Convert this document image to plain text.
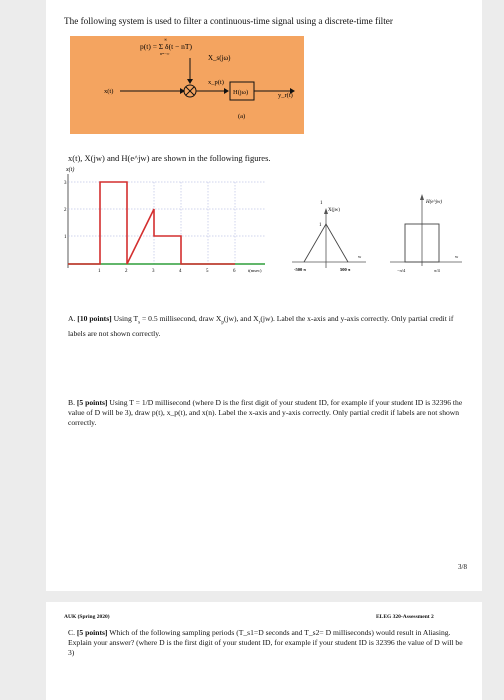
The following system is used to filter a continuous-time signal using a discrete-time filter
p(t) = Σ δ(t − nT)
∞
n=−∞
X_s(jω)
x(t)
x_p(t)
H(jω)	y_r(t)
(a)
x(t), X(jw) and H(e^jw) are shown in the following figures.
x(t)
3
2
1
1	2	3	4	5	6	t(msec)
X(jw)
1
1
w
-500 π	500 π
H(e^jw)
w
−π/4	π/4
A. [10 points] Using $T_s = 0.5$ millisecond, draw $X_p(jw)$, and $X_r(jw)$. Label the x-axis and y-axis correctly. Only partial credit if labels are not shown correctly.
B. [5 points] Using T = 1/D millisecond (where D is the first digit of your student ID, for example if your student ID is 32396 the value of D will be 3), draw p(t), x_p(t), and x(n). Label the x-axis and y-axis correctly. Only partial credit if labels are not shown correctly.
3/8
AUK (Spring 2020)	ELEG 320-Assessment 2
C. [5 points] Which of the following sampling periods (T_s1=D seconds and T_s2= D milliseconds) would result in Aliasing. Explain your answer? (where D is the first digit of your student ID, for example if your student ID is 32396 the value of D will be 3)
